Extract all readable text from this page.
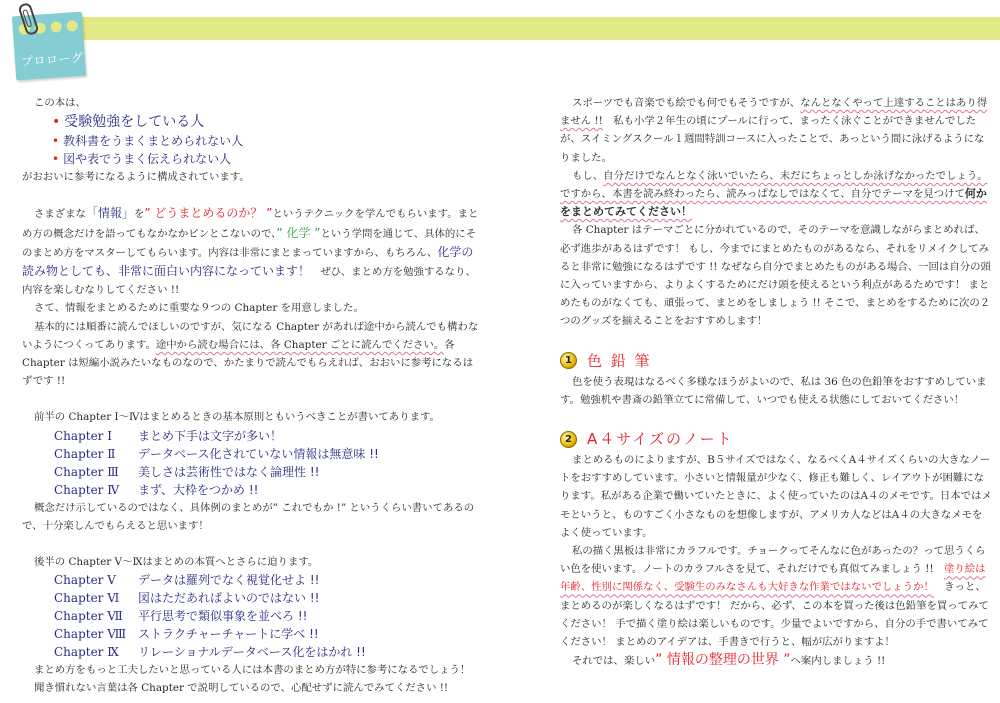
プロローグ

この本は、

• 受験勉強をしている人
• 教科書をうまくまとめられない人
• 図や表でうまく伝えられない人

がおおいに参考になるように構成されています。

さまざまな「情報」を” どうまとめるのか？ ”というテクニックを学んでもらいます。まとめ方の概念だけを語ってもなかなかピンとこないので、” 化学 ”という学問を通じて、具体的にそのまとめ方をマスターしてもらいます。内容は非常にまとまっていますから、もちろん、化学の読み物としても、非常に面白い内容になっています！　 ぜひ、まとめ方を勉強するなり、内容を楽しむなりしてください !!

さて、情報をまとめるために重要な９つの Chapter を用意しました。

基本的には順番に読んでほしいのですが、気になる Chapter があれば途中から読んでも構わないようにつくってあります。途中から読む場合には、各 Chapter ごとに読んでください。各 Chapter は短編小説みたいなものなので、かたまりで読んでもらえれば、おおいに参考になるはずです !!

前半の Chapter Ⅰ～Ⅳはまとめるときの基本原則ともいうべきことが書いてあります。

Chapter Ⅰ まとめ下手は文字が多い！
Chapter Ⅱ データベース化されていない情報は無意味 !!
Chapter Ⅲ 美しさは芸術性ではなく論理性 !!
Chapter Ⅳ まず、大枠をつかめ !!

概念だけ示しているのではなく、具体例のまとめが” これでもか !” というくらい書いてあるので、十分楽しんでもらえると思います！

後半の Chapter Ⅴ～Ⅸはまとめの本質へとさらに迫ります。

Chapter Ⅴ データは羅列でなく視覚化せよ !!
Chapter Ⅵ 図はただあればよいのではない !!
Chapter Ⅶ 平行思考で類似事象を並べろ !!
Chapter Ⅷ ストラクチャーチャートに学べ !!
Chapter Ⅸ リレーショナルデータベース化をはかれ !!

まとめ方をもっと工夫したいと思っている人には本書のまとめ方が特に参考になるでしょう！

聞き慣れない言葉は各 Chapter で説明しているので、心配せずに読んでみてください !!

スポーツでも音楽でも絵でも何でもそうですが、なんとなくやって上達することはあり得ません !!　 私も小学２年生の頃にプールに行って、まったく泳ぐことができませんでしたが、スイミングスクール１週間特訓コースに入ったことで、あっという間に泳げるようになりました。

もし、自分だけでなんとなく泳いでいたら、未だにちょっとしか泳げなかったでしょう。ですから、本書を読み終わったら、読みっぱなしではなくて、自分でテーマを見つけて何かをまとめてみてください！

各 Chapter はテーマごとに分かれているので、そのテーマを意識しながらまとめれば、必ず進歩があるはずです！ もし、今までにまとめたものがあるなら、それをリメイクしてみると非常に勉強になるはずです !! なぜなら自分でまとめたものがある場合、一回は自分の頭に入っていますから、よりよくするためにだけ頭を使えるという利点があるためです！ まとめたものがなくても、頑張って、まとめをしましょう !! そこで、まとめをするために次の２つのグッズを揃えることをおすすめします！

1	色 鉛 筆

色を使う表現はなるべく多様なほうがよいので、私は 36 色の色鉛筆をおすすめしています。勉強机や書斎の鉛筆立てに常備して、いつでも使える状態にしておいてください！

2	A４サイズのノート

まとめるものによりますが、B５サイズではなく、なるべくA４サイズくらいの大きなノートをおすすめしています。小さいと情報量が少なく、修正も難しく、レイアウトが困難になります。私がある企業で働いていたときに、よく使っていたのはA４のメモです。日本ではメモというと、ものすごく小さなものを想像しますが、アメリカ人などはA４の大きなメモをよく使っています。

私の描く黒板は非常にカラフルです。チョークってそんなに色があったの？って思うくらい色を使います。ノートのカラフルさを見て、それだけでも真似てみましょう !!　 塗り絵は年齢、性別に関係なく、受験生のみなさんも大好きな作業ではないでしょうか！　 きっと、まとめるのが楽しくなるはずです！ だから、必ず、この本を買った後は色鉛筆を買ってみてください！ 手で描く塗り絵は楽しいものです。少量でよいですから、自分の手で書いてみてください！ まとめのアイデアは、手書きで行うと、幅が広がりますよ！

それでは、楽しい” 情報の整理の世界 ”へ案内しましょう !!
